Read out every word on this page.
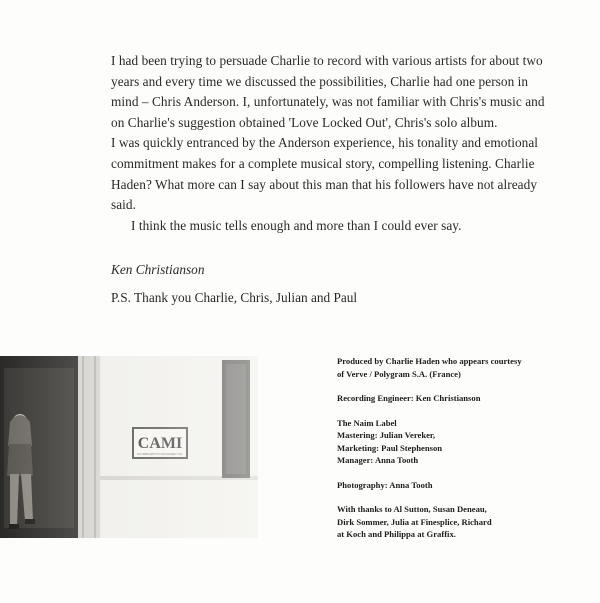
I had been trying to persuade Charlie to record with various artists for about two years and every time we discussed the possibilities, Charlie had one person in mind – Chris Anderson. I, unfortunately, was not familiar with Chris's music and on Charlie's suggestion obtained 'Love Locked Out', Chris's solo album.

I was quickly entranced by the Anderson experience, his tonality and emotional commitment makes for a complete musical story, compelling listening. Charlie Haden? What more can I say about this man that his followers have not already said.

I think the music tells enough and more than I could ever say.

Ken Christianson
P.S. Thank you Charlie, Chris, Julian and Paul
Produced by Charlie Haden who appears courtesy
of Verve / Polygram S.A. (France)
Recording Engineer: Ken Christianson
The Naim Label
Mastering: Julian Vereker,
Marketing: Paul Stephenson
Manager: Anna Tooth
Photography: Anna Tooth
With thanks to Al Sutton, Susan Deneau,
Dirk Sommer, Julia at Finesplice, Richard
at Koch and Philippa at Graffix.
